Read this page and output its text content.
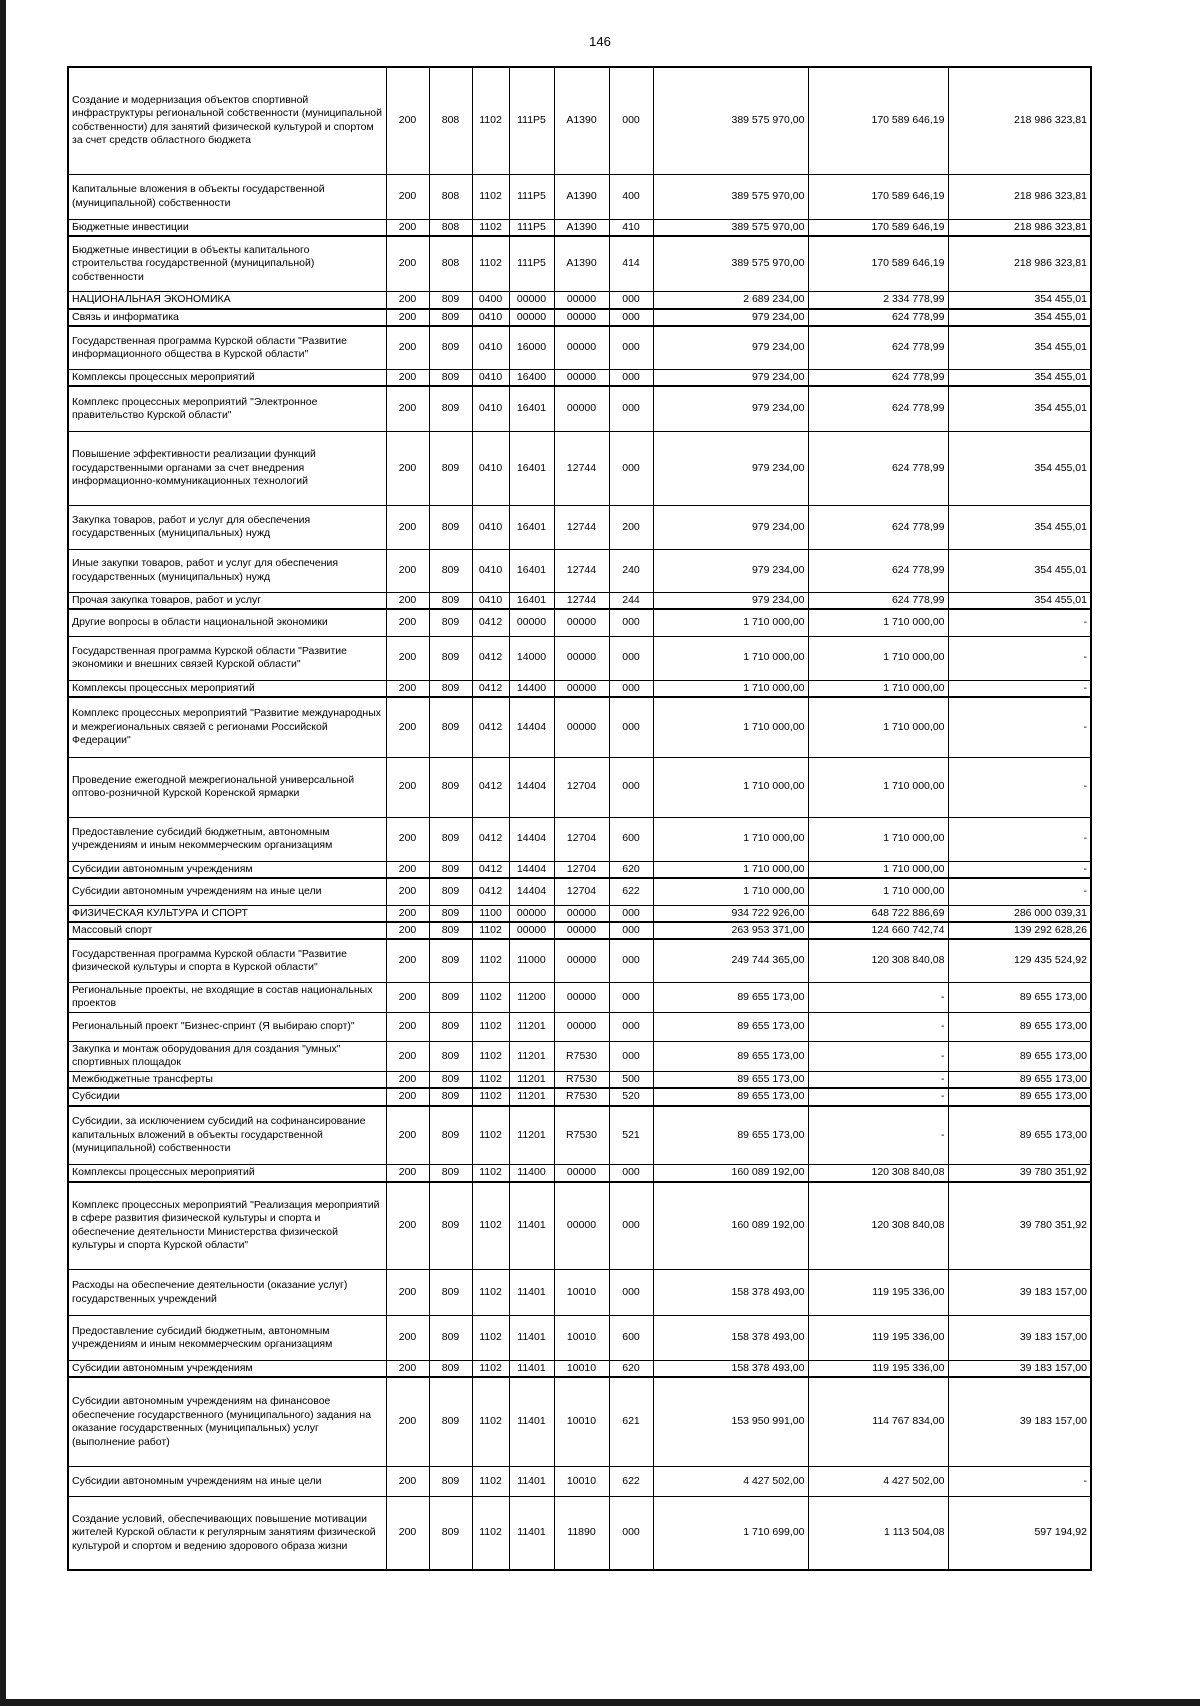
146
Создание и модернизация объектов спортивной инфраструктуры региональной собственности (муниципальной собственности) для занятий физической культурой и спортом за счет средств областного бюджета	200	808	1102	111P5	A1390	000	389 575 970,00	170 589 646,19	218 986 323,81
Капитальные вложения в объекты государственной (муниципальной) собственности	200	808	1102	111P5	A1390	400	389 575 970,00	170 589 646,19	218 986 323,81
Бюджетные инвестиции	200	808	1102	111P5	A1390	410	389 575 970,00	170 589 646,19	218 986 323,81
Бюджетные инвестиции в объекты капитального строительства государственной (муниципальной) собственности	200	808	1102	111P5	A1390	414	389 575 970,00	170 589 646,19	218 986 323,81
НАЦИОНАЛЬНАЯ ЭКОНОМИКА	200	809	0400	00000	00000	000	2 689 234,00	2 334 778,99	354 455,01
Связь и информатика	200	809	0410	00000	00000	000	979 234,00	624 778,99	354 455,01
Государственная программа Курской области "Развитие информационного общества в Курской области"	200	809	0410	16000	00000	000	979 234,00	624 778,99	354 455,01
Комплексы процессных мероприятий	200	809	0410	16400	00000	000	979 234,00	624 778,99	354 455,01
Комплекс процессных мероприятий "Электронное правительство Курской области"	200	809	0410	16401	00000	000	979 234,00	624 778,99	354 455,01
Повышение эффективности реализации функций государственными органами за счет внедрения информационно-коммуникационных технологий	200	809	0410	16401	12744	000	979 234,00	624 778,99	354 455,01
Закупка товаров, работ и услуг для обеспечения государственных (муниципальных) нужд	200	809	0410	16401	12744	200	979 234,00	624 778,99	354 455,01
Иные закупки товаров, работ и услуг для обеспечения государственных (муниципальных) нужд	200	809	0410	16401	12744	240	979 234,00	624 778,99	354 455,01
Прочая закупка товаров, работ и услуг	200	809	0410	16401	12744	244	979 234,00	624 778,99	354 455,01
Другие вопросы в области национальной экономики	200	809	0412	00000	00000	000	1 710 000,00	1 710 000,00	-
Государственная программа Курской области "Развитие экономики и внешних связей Курской области"	200	809	0412	14000	00000	000	1 710 000,00	1 710 000,00	-
Комплексы процессных мероприятий	200	809	0412	14400	00000	000	1 710 000,00	1 710 000,00	-
Комплекс процессных мероприятий "Развитие международных и межрегиональных связей с регионами Российской Федерации"	200	809	0412	14404	00000	000	1 710 000,00	1 710 000,00	-
Проведение ежегодной межрегиональной универсальной оптово-розничной Курской Коренской ярмарки	200	809	0412	14404	12704	000	1 710 000,00	1 710 000,00	-
Предоставление субсидий бюджетным, автономным учреждениям и иным некоммерческим организациям	200	809	0412	14404	12704	600	1 710 000,00	1 710 000,00	-
Субсидии автономным учреждениям	200	809	0412	14404	12704	620	1 710 000,00	1 710 000,00	-
Субсидии автономным учреждениям на иные цели	200	809	0412	14404	12704	622	1 710 000,00	1 710 000,00	-
ФИЗИЧЕСКАЯ КУЛЬТУРА И СПОРТ	200	809	1100	00000	00000	000	934 722 926,00	648 722 886,69	286 000 039,31
Массовый спорт	200	809	1102	00000	00000	000	263 953 371,00	124 660 742,74	139 292 628,26
Государственная программа Курской области "Развитие физической культуры и спорта в Курской области"	200	809	1102	11000	00000	000	249 744 365,00	120 308 840,08	129 435 524,92
Региональные проекты, не входящие в состав национальных проектов	200	809	1102	11200	00000	000	89 655 173,00	-	89 655 173,00
Региональный проект "Бизнес-спринт (Я выбираю спорт)"	200	809	1102	11201	00000	000	89 655 173,00	-	89 655 173,00
Закупка и монтаж оборудования для создания "умных" спортивных площадок	200	809	1102	11201	R7530	000	89 655 173,00	-	89 655 173,00
Межбюджетные трансферты	200	809	1102	11201	R7530	500	89 655 173,00	-	89 655 173,00
Субсидии	200	809	1102	11201	R7530	520	89 655 173,00	-	89 655 173,00
Субсидии, за исключением субсидий на софинансирование капитальных вложений в объекты государственной (муниципальной) собственности	200	809	1102	11201	R7530	521	89 655 173,00	-	89 655 173,00
Комплексы процессных мероприятий	200	809	1102	11400	00000	000	160 089 192,00	120 308 840,08	39 780 351,92
Комплекс процессных мероприятий "Реализация мероприятий в сфере развития физической культуры и спорта и обеспечение деятельности Министерства физической культуры и спорта Курской области"	200	809	1102	11401	00000	000	160 089 192,00	120 308 840,08	39 780 351,92
Расходы на обеспечение деятельности (оказание услуг) государственных учреждений	200	809	1102	11401	10010	000	158 378 493,00	119 195 336,00	39 183 157,00
Предоставление субсидий бюджетным, автономным учреждениям и иным некоммерческим организациям	200	809	1102	11401	10010	600	158 378 493,00	119 195 336,00	39 183 157,00
Субсидии автономным учреждениям	200	809	1102	11401	10010	620	158 378 493,00	119 195 336,00	39 183 157,00
Субсидии автономным учреждениям на финансовое обеспечение государственного (муниципального) задания на оказание государственных (муниципальных) услуг (выполнение работ)	200	809	1102	11401	10010	621	153 950 991,00	114 767 834,00	39 183 157,00
Субсидии автономным учреждениям на иные цели	200	809	1102	11401	10010	622	4 427 502,00	4 427 502,00	-
Создание условий, обеспечивающих повышение мотивации жителей Курской области к регулярным занятиям физической культурой и спортом и ведению здорового образа жизни	200	809	1102	11401	11890	000	1 710 699,00	1 113 504,08	597 194,92
